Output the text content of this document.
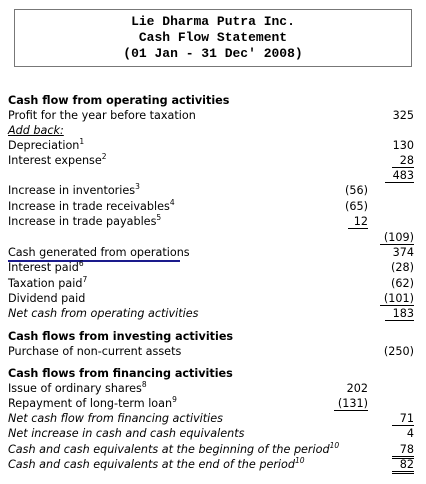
Lie Dharma Putra Inc.
Cash Flow Statement
(01 Jan - 31 Dec' 2008)
Cash flow from operating activities
Profit for the year before taxation	325
Add back:
Depreciation$^1$	130
Interest expense$^2$	28
483
Increase in inventories$^3$	(56)
Increase in trade receivables$^4$	(65)
Increase in trade payables$^5$	12
(109)
Cash generated from operations	374
Interest paid$^6$	(28)
Taxation paid$^7$	(62)
Dividend paid	(101)
Net cash from operating activities	183
Cash flows from investing activities
Purchase of non-current assets	(250)
Cash flows from financing activities
Issue of ordinary shares$^8$	202
Repayment of long-term loan$^9$	(131)
Net cash flow from financing activities	71
Net increase in cash and cash equivalents	4
Cash and cash equivalents at the beginning of the period$^{10}$	78
Cash and cash equivalents at the end of the period$^{10}$	82
